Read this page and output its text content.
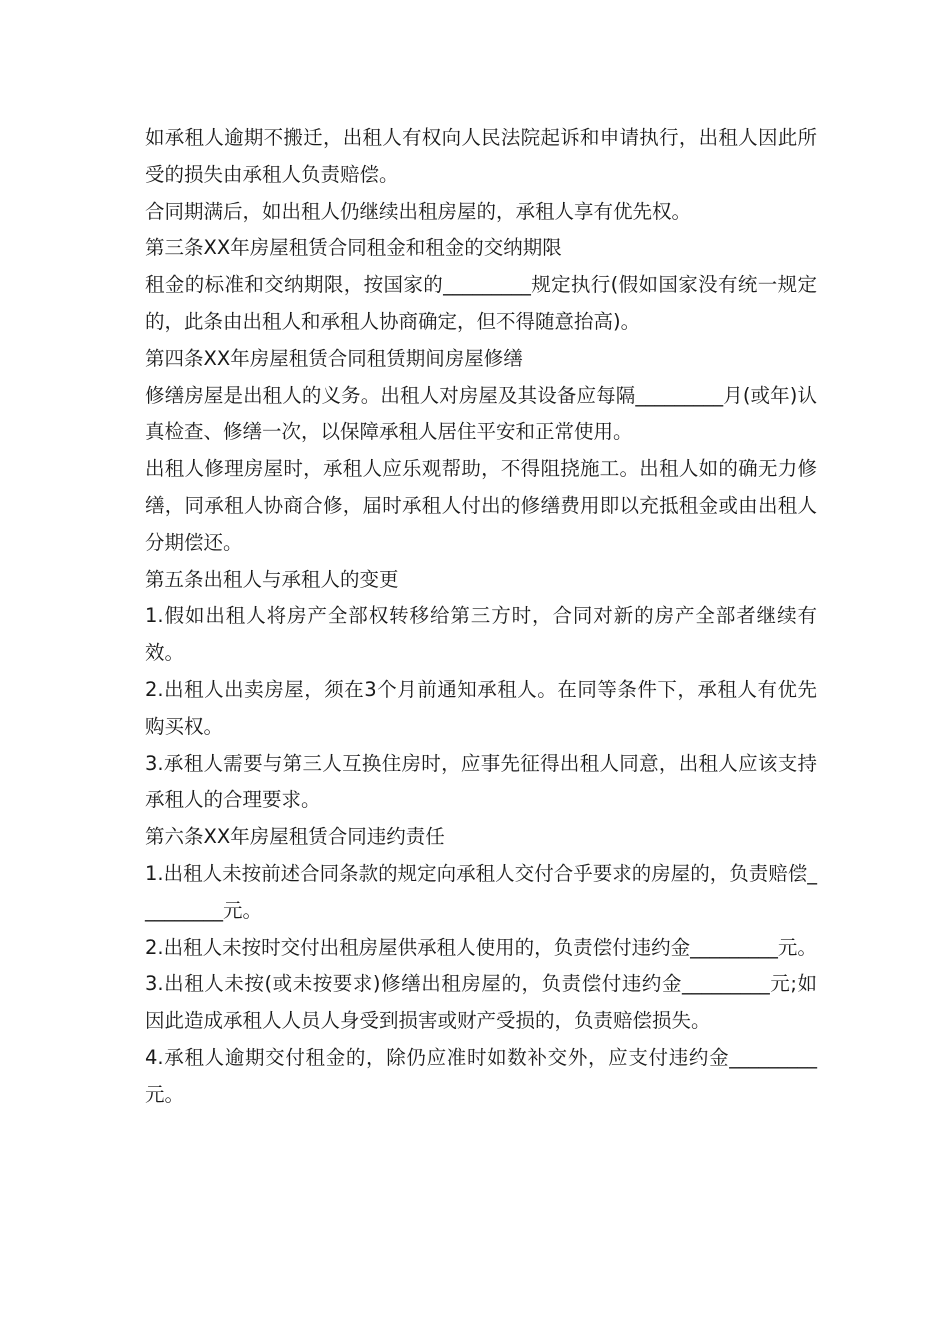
如承租人逾期不搬迁，出租人有权向人民法院起诉和申请执行，出租人因此所受的损失由承租人负责赔偿。

合同期满后，如出租人仍继续出租房屋的，承租人享有优先权。

第三条XX年房屋租赁合同租金和租金的交纳期限

租金的标准和交纳期限，按国家的_________规定执行(假如国家没有统一规定的，此条由出租人和承租人协商确定，但不得随意抬高)。

第四条XX年房屋租赁合同租赁期间房屋修缮

修缮房屋是出租人的义务。出租人对房屋及其设备应每隔_________月(或年)认真检查、修缮一次，以保障承租人居住平安和正常使用。

出租人修理房屋时，承租人应乐观帮助，不得阻挠施工。出租人如的确无力修缮，同承租人协商合修，届时承租人付出的修缮费用即以充抵租金或由出租人分期偿还。

第五条出租人与承租人的变更

1.假如出租人将房产全部权转移给第三方时，合同对新的房产全部者继续有效。

2.出租人出卖房屋，须在3个月前通知承租人。在同等条件下，承租人有优先购买权。

3.承租人需要与第三人互换住房时，应事先征得出租人同意，出租人应该支持承租人的合理要求。

第六条XX年房屋租赁合同违约责任

1.出租人未按前述合同条款的规定向承租人交付合乎要求的房屋的，负责赔偿_________元。

2.出租人未按时交付出租房屋供承租人使用的，负责偿付违约金_________元。

3.出租人未按(或未按要求)修缮出租房屋的，负责偿付违约金_________元;如因此造成承租人人员人身受到损害或财产受损的，负责赔偿损失。

4.承租人逾期交付租金的，除仍应准时如数补交外，应支付违约金_________元。
